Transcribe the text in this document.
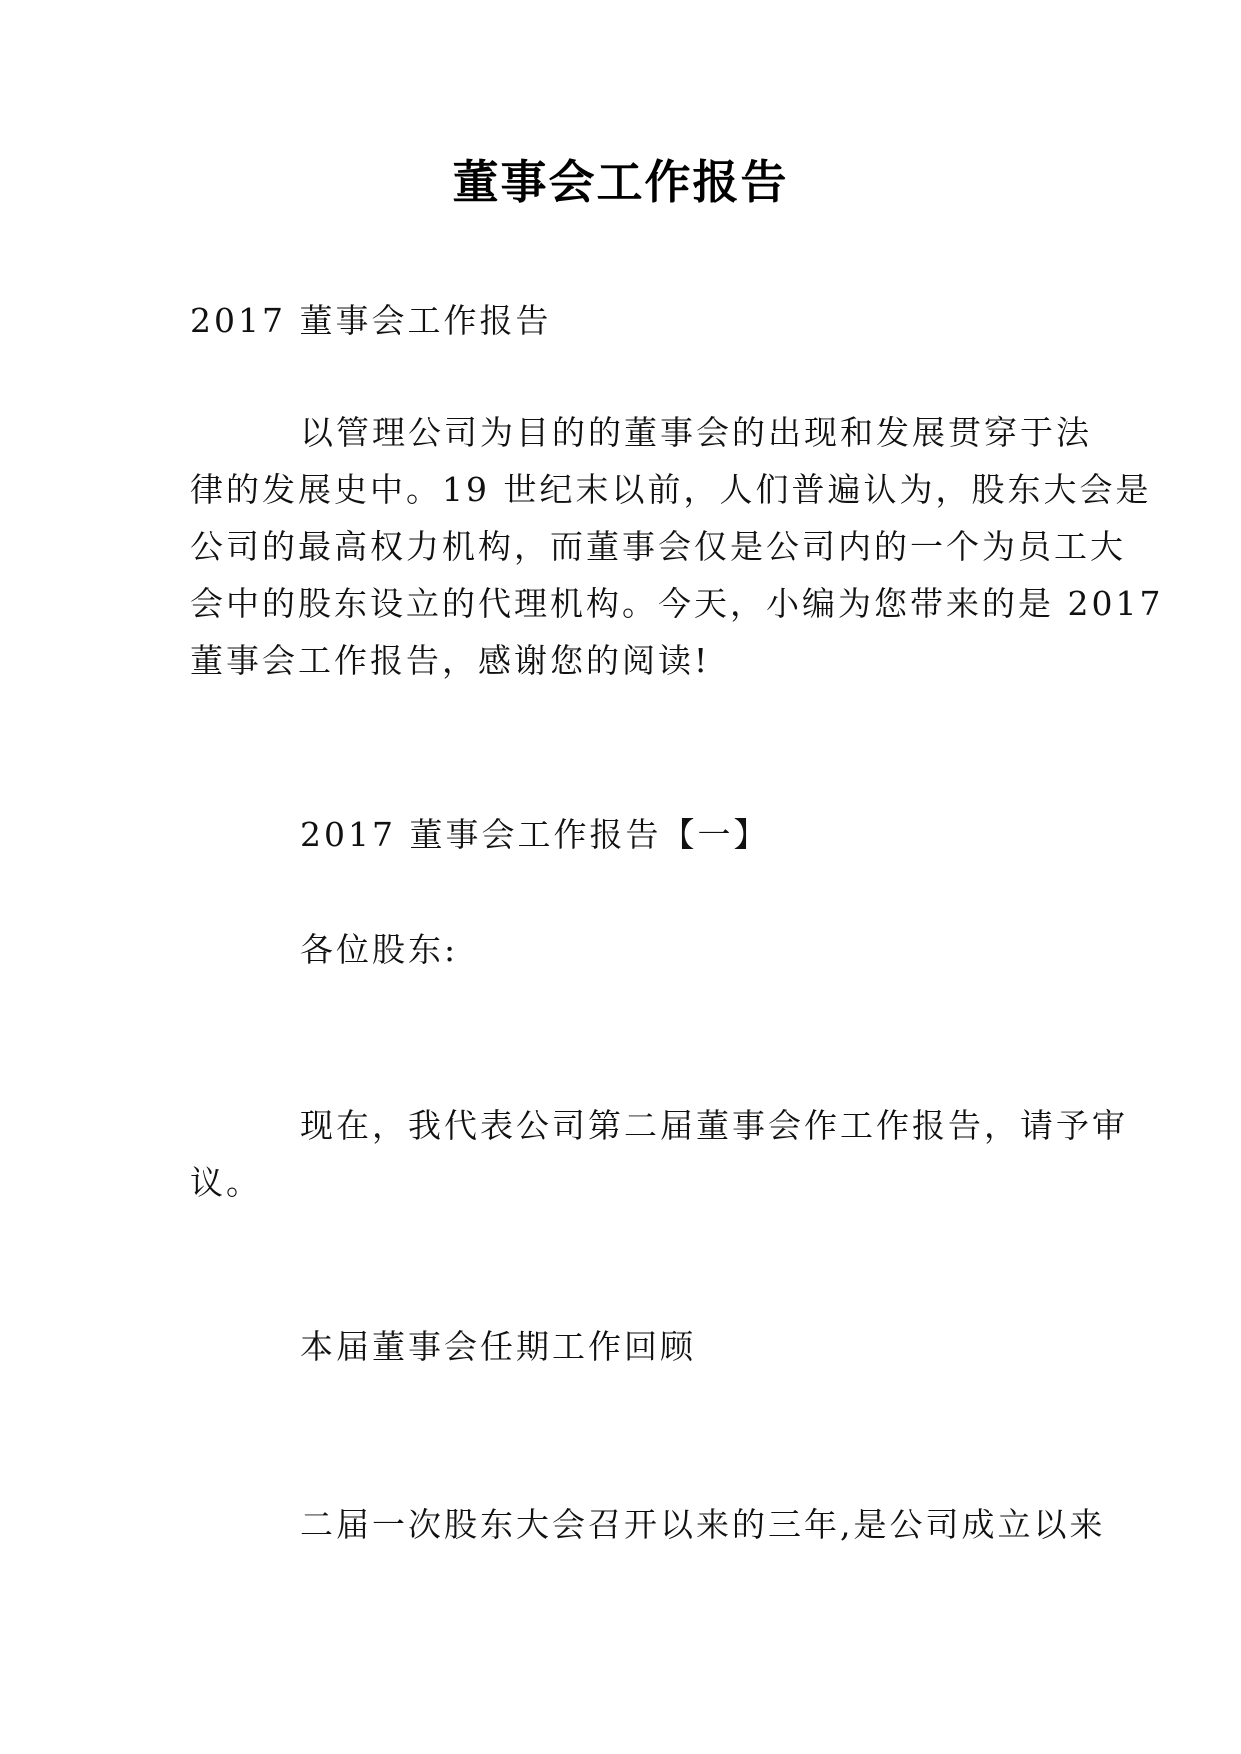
董事会工作报告
2017 董事会工作报告
以管理公司为目的的董事会的出现和发展贯穿于法
律的发展史中。19 世纪末以前，人们普遍认为，股东大会是
公司的最高权力机构，而董事会仅是公司内的一个为员工大
会中的股东设立的代理机构。今天，小编为您带来的是 2017
董事会工作报告，感谢您的阅读!
2017 董事会工作报告【一】
各位股东:
现在，我代表公司第二届董事会作工作报告，请予审
议。
本届董事会任期工作回顾
二届一次股东大会召开以来的三年,是公司成立以来
